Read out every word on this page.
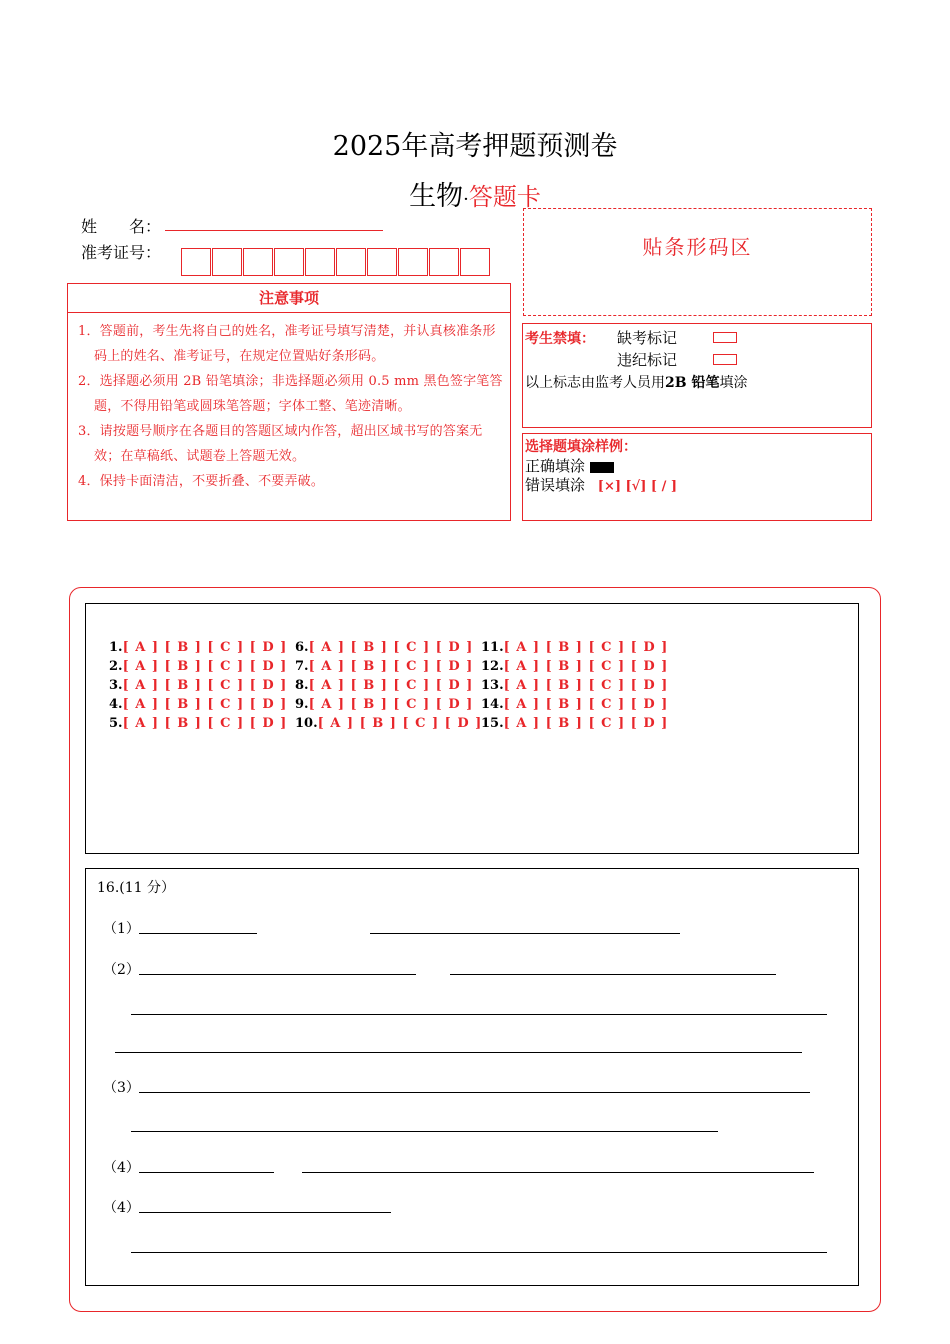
2025年高考押题预测卷
生物·答题卡
姓　　名：
准考证号：
注意事项
1．答题前，考生先将自己的姓名，准考证号填写清楚，并认真核准条形码上的姓名、准考证号，在规定位置贴好条形码。
2．选择题必须用 2B 铅笔填涂；非选择题必须用 0.5 mm 黑色签字笔答题，不得用铅笔或圆珠笔答题；字体工整、笔迹清晰。
3．请按题号顺序在各题目的答题区域内作答，超出区域书写的答案无效；在草稿纸、试题卷上答题无效。
4．保持卡面清洁，不要折叠、不要弄破。
贴条形码区
考生禁填： 缺考标记
违纪标记
以上标志由监考人员用2B 铅笔填涂
选择题填涂样例：
正确填涂
错误填涂 [×] [√] [ / ]
1.[ A ] [ B ] [ C ] [ D ]
2.[ A ] [ B ] [ C ] [ D ]
3.[ A ] [ B ] [ C ] [ D ]
4.[ A ] [ B ] [ C ] [ D ]
5.[ A ] [ B ] [ C ] [ D ]
6.[ A ] [ B ] [ C ] [ D ]
7.[ A ] [ B ] [ C ] [ D ]
8.[ A ] [ B ] [ C ] [ D ]
9.[ A ] [ B ] [ C ] [ D ]
10.[ A ] [ B ] [ C ] [ D ]
11.[ A ] [ B ] [ C ] [ D ]
12.[ A ] [ B ] [ C ] [ D ]
13.[ A ] [ B ] [ C ] [ D ]
14.[ A ] [ B ] [ C ] [ D ]
15.[ A ] [ B ] [ C ] [ D ]
16.(11 分）
（1）
（2）
（3）
（4）
（4）
